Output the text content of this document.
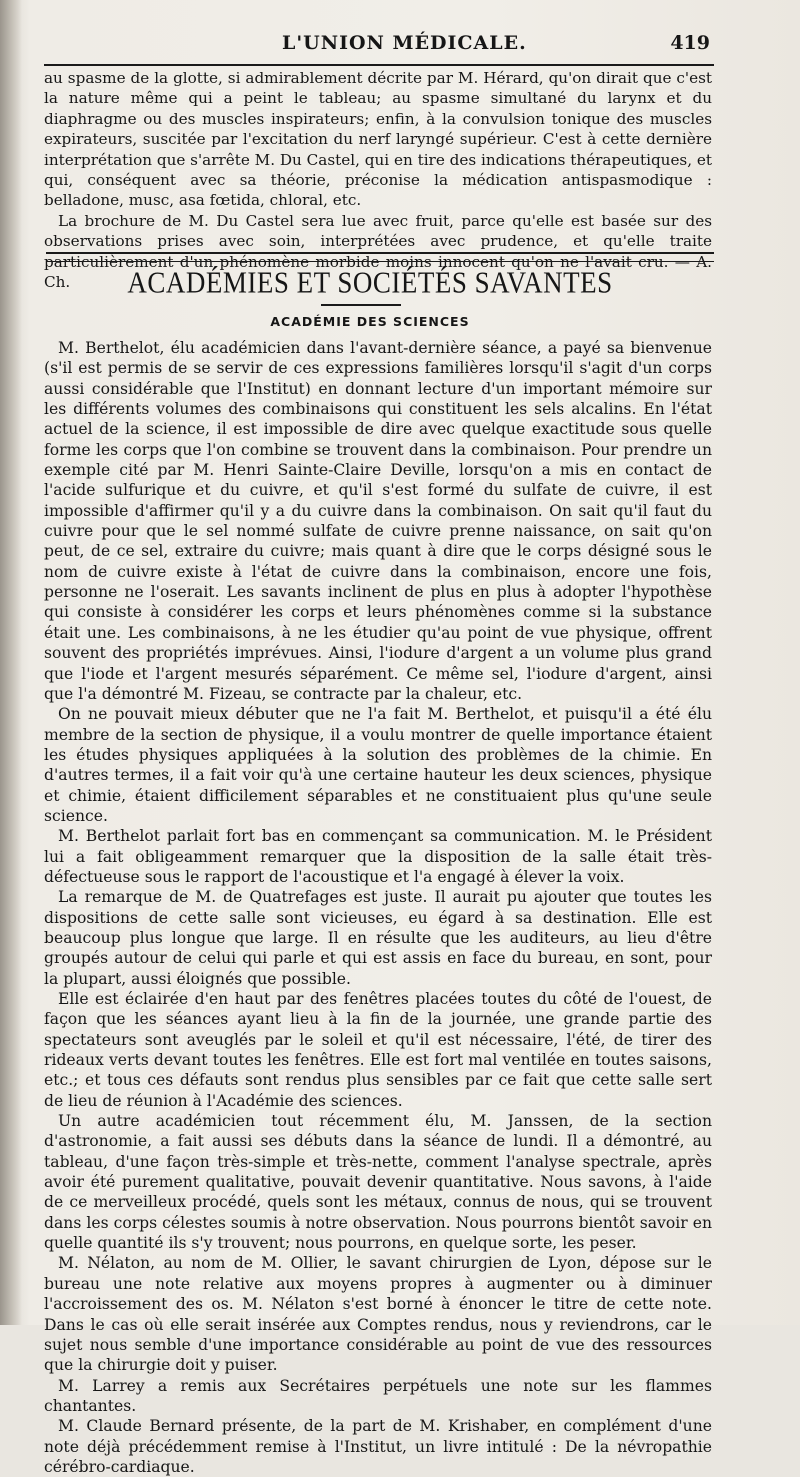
L'UNION MÉDICALE.	419

au spasme de la glotte, si admirablement décrite par M. Hérard, qu'on dirait que c'est la nature même qui a peint le tableau; au spasme simultané du larynx et du diaphragme ou des muscles inspirateurs; enfin, à la convulsion tonique des muscles expirateurs, suscitée par l'excitation du nerf laryngé supérieur. C'est à cette dernière interprétation que s'arrête M. Du Castel, qui en tire des indications thérapeutiques, et qui, conséquent avec sa théorie, préconise la médication antispasmodique : belladone, musc, asa fœtida, chloral, etc.

La brochure de M. Du Castel sera lue avec fruit, parce qu'elle est basée sur des observations prises avec soin, interprétées avec prudence, et qu'elle traite particulièrement d'un phénomène morbide moins innocent qu'on ne l'avait cru. — A. Ch.	ACADÉMIES ET SOCIÉTÉS SAVANTES
ACADÉMIE DES SCIENCES

M. Berthelot, élu académicien dans l'avant-dernière séance, a payé sa bienvenue (s'il est permis de se servir de ces expressions familières lorsqu'il s'agit d'un corps aussi considérable que l'Institut) en donnant lecture d'un important mémoire sur les différents volumes des combinaisons qui constituent les sels alcalins. En l'état actuel de la science, il est impossible de dire avec quelque exactitude sous quelle forme les corps que l'on combine se trouvent dans la combinaison. Pour prendre un exemple cité par M. Henri Sainte-Claire Deville, lorsqu'on a mis en contact de l'acide sulfurique et du cuivre, et qu'il s'est formé du sulfate de cuivre, il est impossible d'affirmer qu'il y a du cuivre dans la combinaison. On sait qu'il faut du cuivre pour que le sel nommé sulfate de cuivre prenne naissance, on sait qu'on peut, de ce sel, extraire du cuivre; mais quant à dire que le corps désigné sous le nom de cuivre existe à l'état de cuivre dans la combinaison, encore une fois, personne ne l'oserait. Les savants inclinent de plus en plus à adopter l'hypothèse qui consiste à considérer les corps et leurs phénomènes comme si la substance était une. Les combinaisons, à ne les étudier qu'au point de vue physique, offrent souvent des propriétés imprévues. Ainsi, l'iodure d'argent a un volume plus grand que l'iode et l'argent mesurés séparément. Ce même sel, l'iodure d'argent, ainsi que l'a démontré M. Fizeau, se contracte par la chaleur, etc.

On ne pouvait mieux débuter que ne l'a fait M. Berthelot, et puisqu'il a été élu membre de la section de physique, il a voulu montrer de quelle importance étaient les études physiques appliquées à la solution des problèmes de la chimie. En d'autres termes, il a fait voir qu'à une certaine hauteur les deux sciences, physique et chimie, étaient difficilement séparables et ne constituaient plus qu'une seule science.

M. Berthelot parlait fort bas en commençant sa communication. M. le Président lui a fait obligeamment remarquer que la disposition de la salle était très-défectueuse sous le rapport de l'acoustique et l'a engagé à élever la voix.

La remarque de M. de Quatrefages est juste. Il aurait pu ajouter que toutes les dispositions de cette salle sont vicieuses, eu égard à sa destination. Elle est beaucoup plus longue que large. Il en résulte que les auditeurs, au lieu d'être groupés autour de celui qui parle et qui est assis en face du bureau, en sont, pour la plupart, aussi éloignés que possible.

Elle est éclairée d'en haut par des fenêtres placées toutes du côté de l'ouest, de façon que les séances ayant lieu à la fin de la journée, une grande partie des spectateurs sont aveuglés par le soleil et qu'il est nécessaire, l'été, de tirer des rideaux verts devant toutes les fenêtres. Elle est fort mal ventilée en toutes saisons, etc.; et tous ces défauts sont rendus plus sensibles par ce fait que cette salle sert de lieu de réunion à l'Académie des sciences.

Un autre académicien tout récemment élu, M. Janssen, de la section d'astronomie, a fait aussi ses débuts dans la séance de lundi. Il a démontré, au tableau, d'une façon très-simple et très-nette, comment l'analyse spectrale, après avoir été purement qualitative, pouvait devenir quantitative. Nous savons, à l'aide de ce merveilleux procédé, quels sont les métaux, connus de nous, qui se trouvent dans les corps célestes soumis à notre observation. Nous pourrons bientôt savoir en quelle quantité ils s'y trouvent; nous pourrons, en quelque sorte, les peser.

M. Nélaton, au nom de M. Ollier, le savant chirurgien de Lyon, dépose sur le bureau une note relative aux moyens propres à augmenter ou à diminuer l'accroissement des os. M. Nélaton s'est borné à énoncer le titre de cette note. Dans le cas où elle serait insérée aux Comptes rendus, nous y reviendrons, car le sujet nous semble d'une importance considérable au point de vue des ressources que la chirurgie doit y puiser.

M. Larrey a remis aux Secrétaires perpétuels une note sur les flammes chantantes.

M. Claude Bernard présente, de la part de M. Krishaber, en complément d'une note déjà précédemment remise à l'Institut, un livre intitulé : De la névropathie cérébro-cardiaque.
